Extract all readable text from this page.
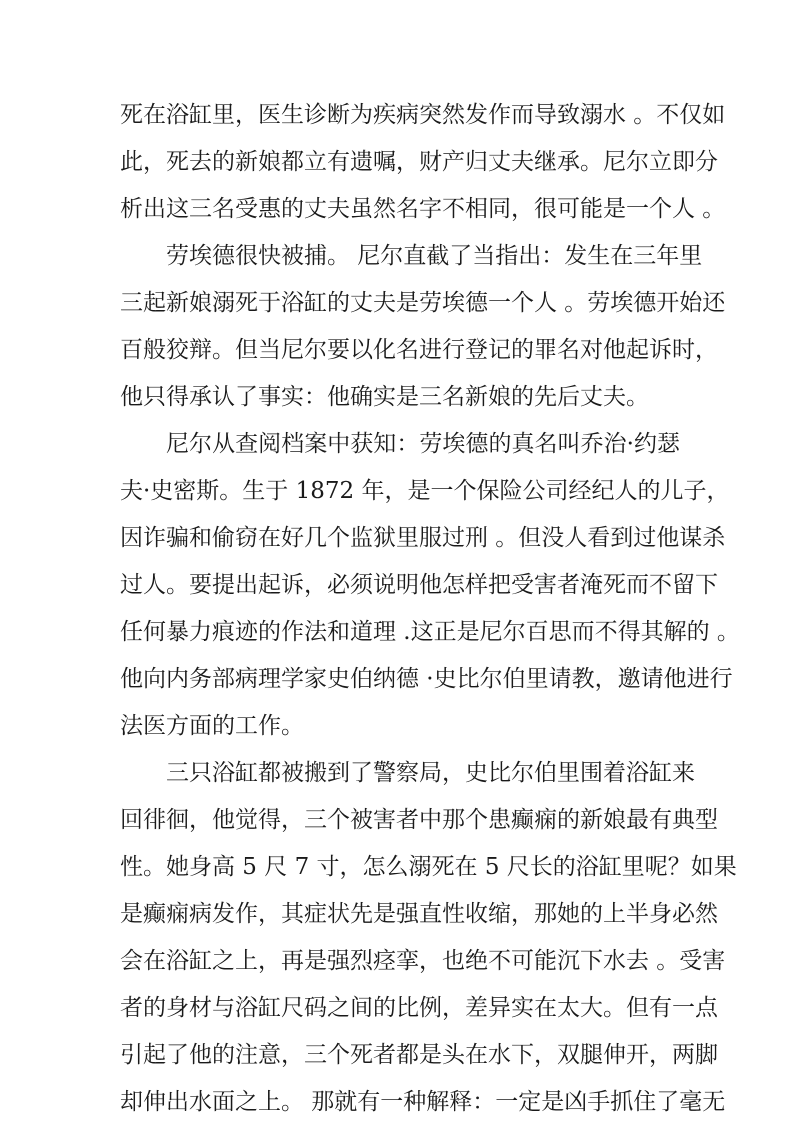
死在浴缸里，医生诊断为疾病突然发作而导致溺水 。不仅如
此，死去的新娘都立有遗嘱，财产归丈夫继承。尼尔立即分
析出这三名受惠的丈夫虽然名字不相同，很可能是一个人 。
劳埃德很快被捕。 尼尔直截了当指出：发生在三年里
三起新娘溺死于浴缸的丈夫是劳埃德一个人 。劳埃德开始还
百般狡辩。但当尼尔要以化名进行登记的罪名对他起诉时，
他只得承认了事实：他确实是三名新娘的先后丈夫。
尼尔从查阅档案中获知：劳埃德的真名叫乔治·约瑟
夫·史密斯。生于 1872 年，是一个保险公司经纪人的儿子，
因诈骗和偷窃在好几个监狱里服过刑 。但没人看到过他谋杀
过人。要提出起诉，必须说明他怎样把受害者淹死而不留下
任何暴力痕迹的作法和道理 .这正是尼尔百思而不得其解的 。
他向内务部病理学家史伯纳德 ·史比尔伯里请教，邀请他进行
法医方面的工作。
三只浴缸都被搬到了警察局，史比尔伯里围着浴缸来
回徘徊，他觉得，三个被害者中那个患癫痫的新娘最有典型
性。她身高 5 尺 7 寸，怎么溺死在 5 尺长的浴缸里呢？如果
是癫痫病发作，其症状先是强直性收缩，那她的上半身必然
会在浴缸之上，再是强烈痉挛，也绝不可能沉下水去 。受害
者的身材与浴缸尺码之间的比例，差异实在太大。但有一点
引起了他的注意，三个死者都是头在水下，双腿伸开，两脚
却伸出水面之上。 那就有一种解释：一定是凶手抓住了毫无
